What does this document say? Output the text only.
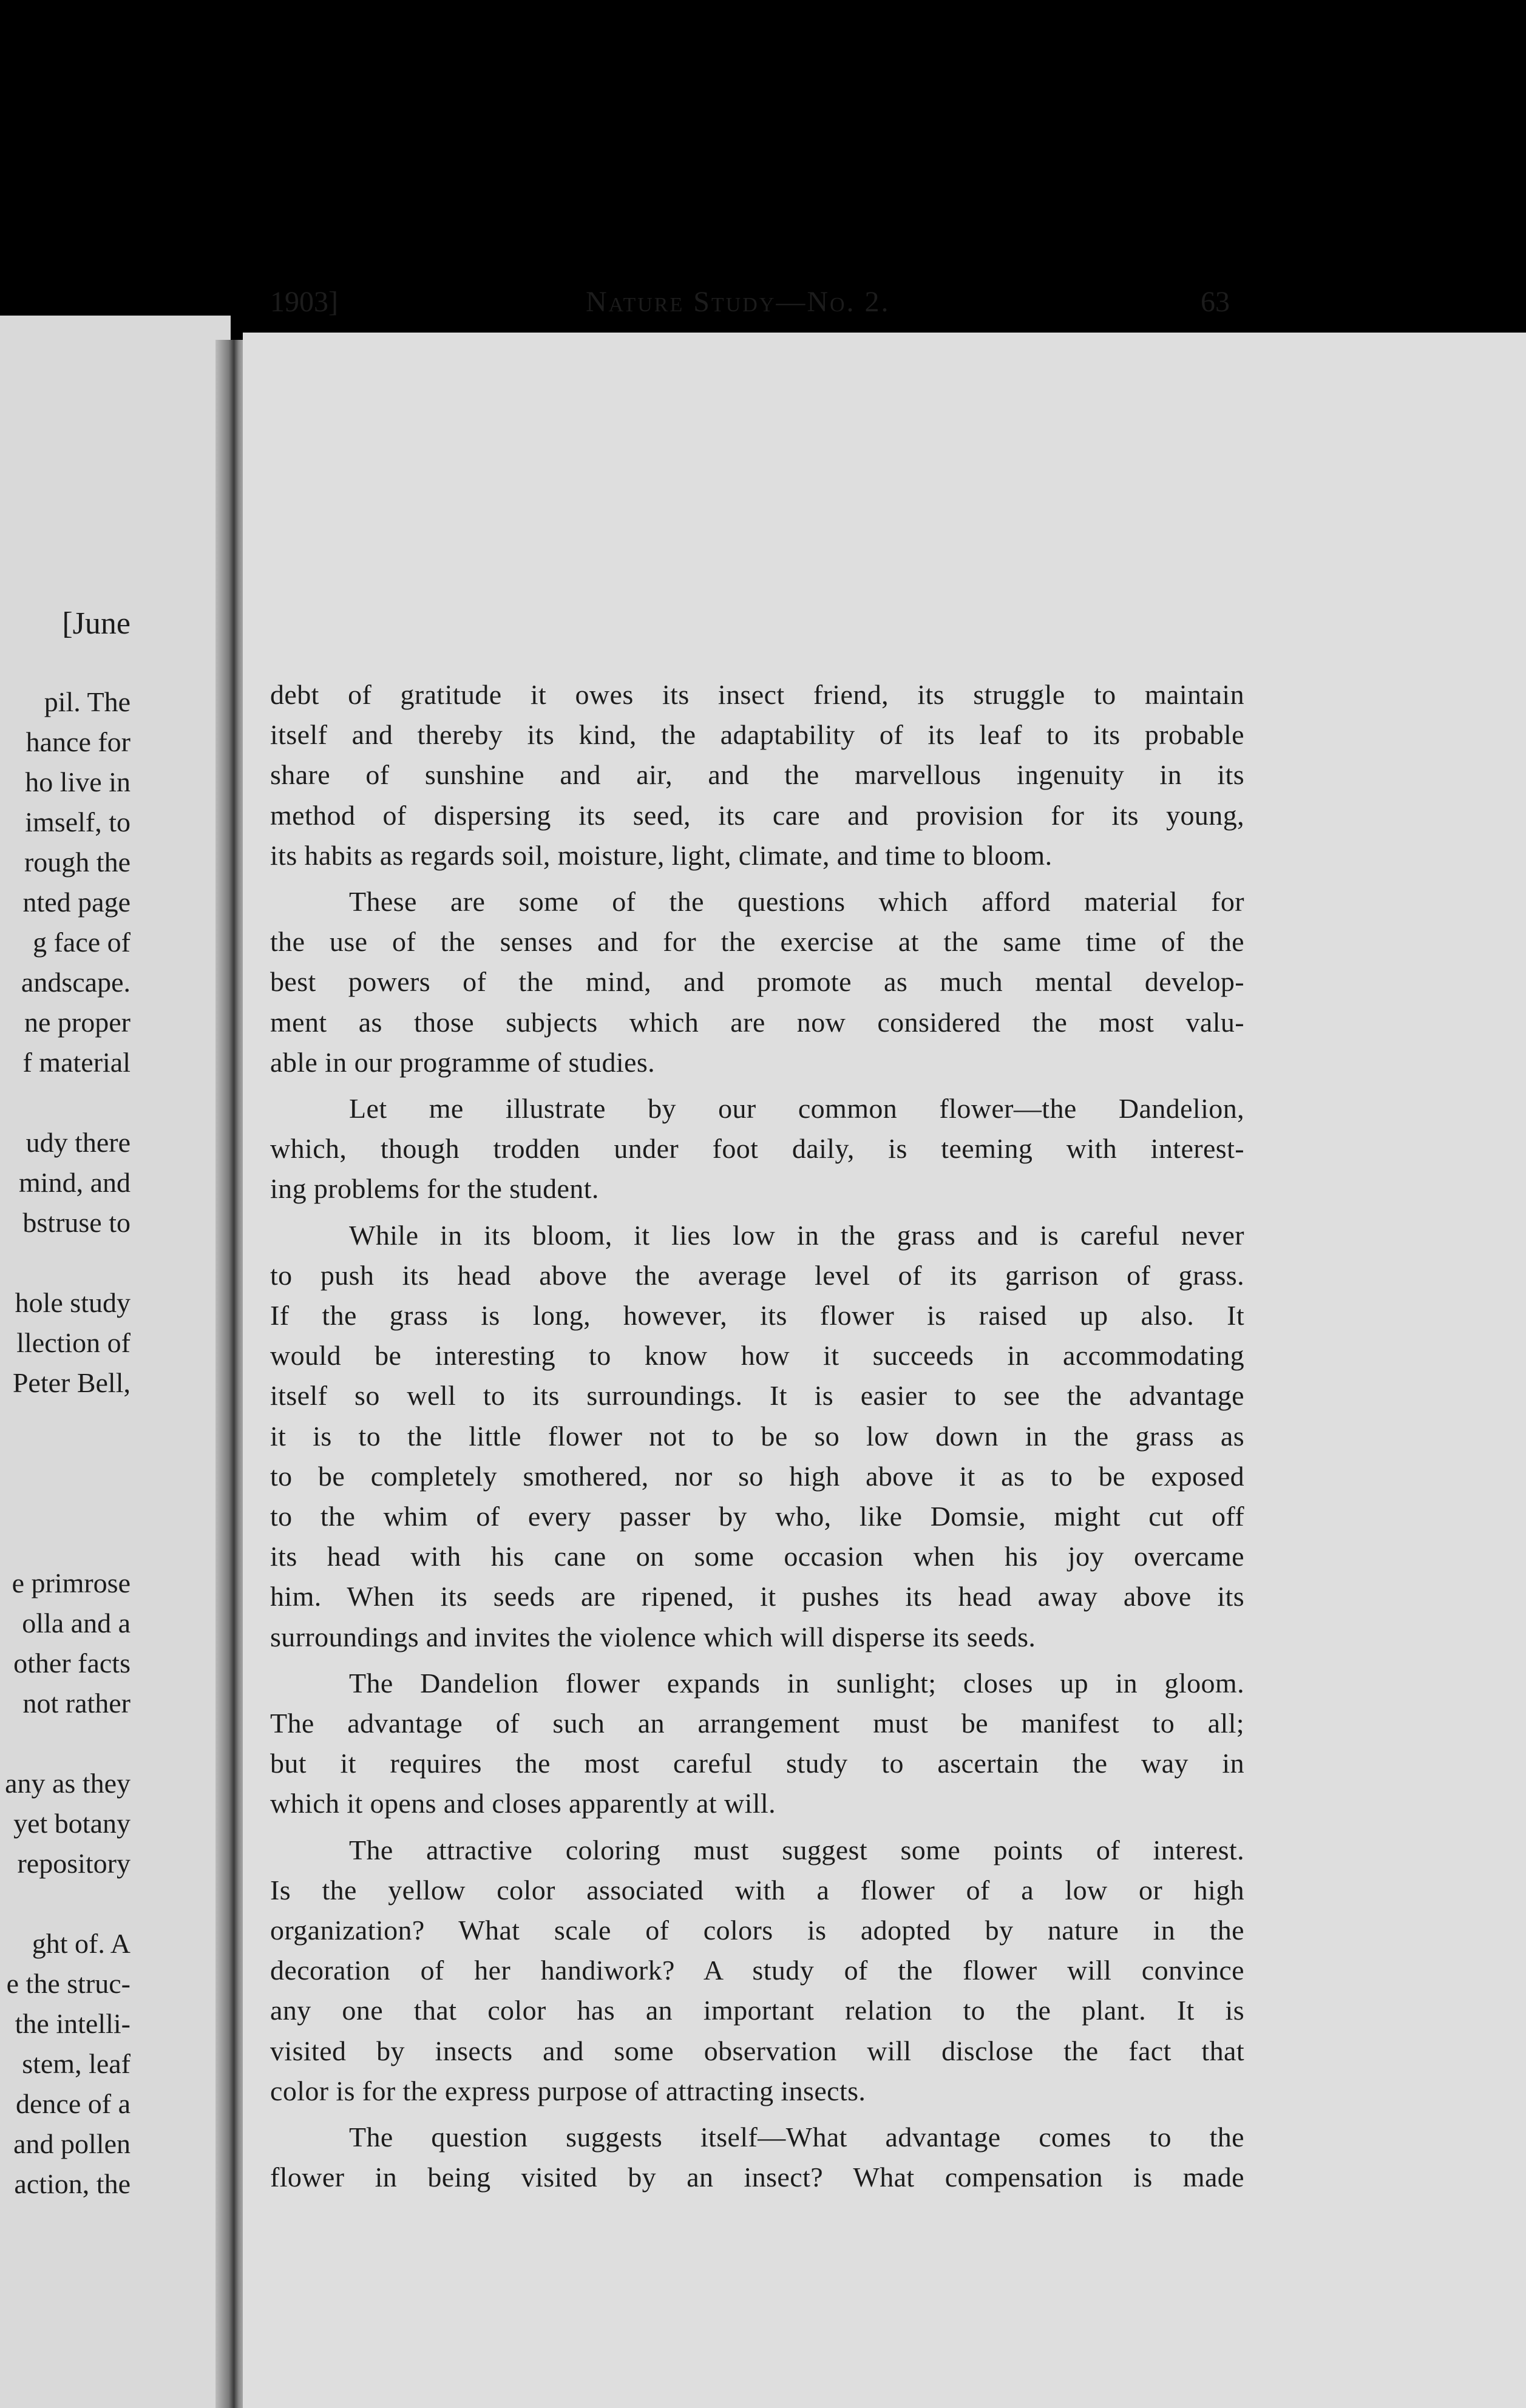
[June
pil. The
hance for
ho live in
imself, to
rough the
nted page
g face of
andscape.
ne proper
f material
udy there
mind, and
bstruse to
hole study
llection of
Peter Bell,
e primrose
olla and a
other facts
not rather
any as they
yet botany
repository
ght of. A
e the struc-
the intelli-
stem, leaf
dence of a
and pollen
action, the
1903]	Nature Study—No. 2.	63
debt of gratitude it owes its insect friend, its struggle to maintain
itself and thereby its kind, the adaptability of its leaf to its probable
share of sunshine and air, and the marvellous ingenuity in its
method of dispersing its seed, its care and provision for its young,
its habits as regards soil, moisture, light, climate, and time to bloom.
These are some of the questions which afford material for
the use of the senses and for the exercise at the same time of the
best powers of the mind, and promote as much mental develop-
ment as those subjects which are now considered the most valu-
able in our programme of studies.
Let me illustrate by our common flower—the Dandelion,
which, though trodden under foot daily, is teeming with interest-
ing problems for the student.
While in its bloom, it lies low in the grass and is careful never
to push its head above the average level of its garrison of grass.
If the grass is long, however, its flower is raised up also. It
would be interesting to know how it succeeds in accommodating
itself so well to its surroundings. It is easier to see the advantage
it is to the little flower not to be so low down in the grass as
to be completely smothered, nor so high above it as to be exposed
to the whim of every passer by who, like Domsie, might cut off
its head with his cane on some occasion when his joy overcame
him. When its seeds are ripened, it pushes its head away above its
surroundings and invites the violence which will disperse its seeds.
The Dandelion flower expands in sunlight; closes up in gloom.
The advantage of such an arrangement must be manifest to all;
but it requires the most careful study to ascertain the way in
which it opens and closes apparently at will.
The attractive coloring must suggest some points of interest.
Is the yellow color associated with a flower of a low or high
organization? What scale of colors is adopted by nature in the
decoration of her handiwork? A study of the flower will convince
any one that color has an important relation to the plant. It is
visited by insects and some observation will disclose the fact that
color is for the express purpose of attracting insects.
The question suggests itself—What advantage comes to the
flower in being visited by an insect? What compensation is made
